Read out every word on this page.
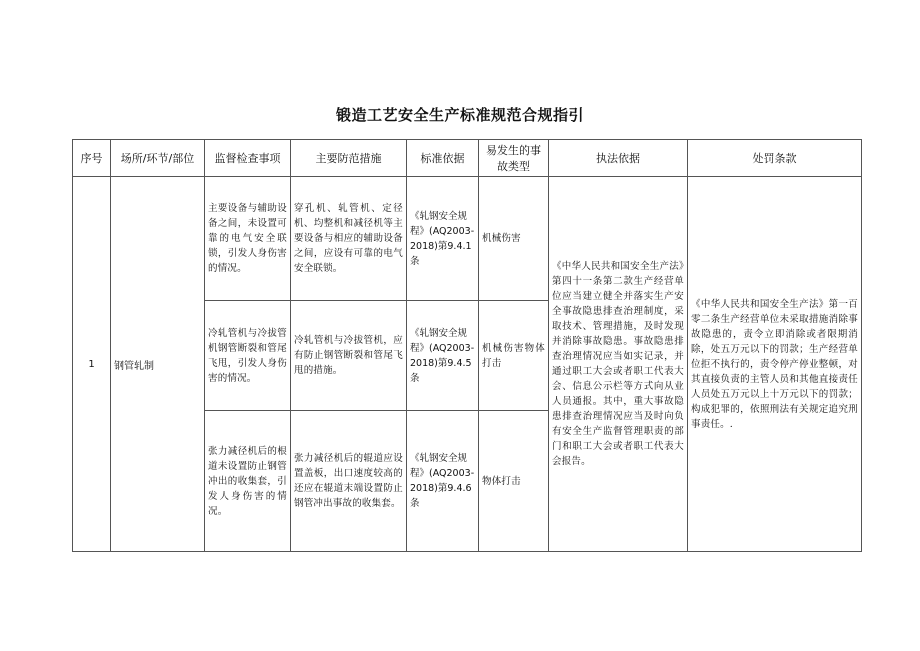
锻造工艺安全生产标准规范合规指引
序号	场所/环节/部位	监督检查事项	主要防范措施	标准依据	易发生的事故类型	执法依据	处罚条款
1	钢管轧制	主要设备与辅助设备之间，未设置可靠的电气安全联锁，引发人身伤害的情况。	穿孔机、轧管机、定径机、均整机和减径机等主要设备与相应的辅助设备之间，应设有可靠的电气安全联锁。	《轧钢安全规程》(AQ2003-2018)第9.4.1条	机械伤害	《中华人民共和国安全生产法》第四十一条第二款生产经营单位应当建立健全并落实生产安全事故隐患排查治理制度，采取技术、管理措施，及时发现并消除事故隐患。事故隐患排查治理情况应当如实记录，并通过职工大会或者职工代表大会、信息公示栏等方式向从业人员通报。其中，重大事故隐患排查治理情况应当及时向负有安全生产监督管理职责的部门和职工大会或者职工代表大会报告。	《中华人民共和国安全生产法》第一百零二条生产经营单位未采取措施消除事故隐患的，责令立即消除或者限期消除，处五万元以下的罚款；生产经营单位拒不执行的，责令停产停业整顿，对其直接负责的主管人员和其他直接责任人员处五万元以上十万元以下的罚款；构成犯罪的，依照刑法有关规定追究刑事责任。.
		冷轧管机与冷拔管机钢管断裂和管尾飞甩，引发人身伤害的情况。	冷轧管机与冷拔管机，应有防止钢管断裂和管尾飞甩的措施。	《轧钢安全规程》(AQ2003-2018)第9.4.5条	机械伤害物体打击		
		张力减径机后的根道未设置防止钢管冲出的收集套，引发人身伤害的情况。	张力减径机后的辊道应设置盖板，出口速度较高的还应在辊道末端设置防止钢管冲出事故的收集套。	《轧钢安全规程》(AQ2003-2018)第9.4.6条	物体打击		
